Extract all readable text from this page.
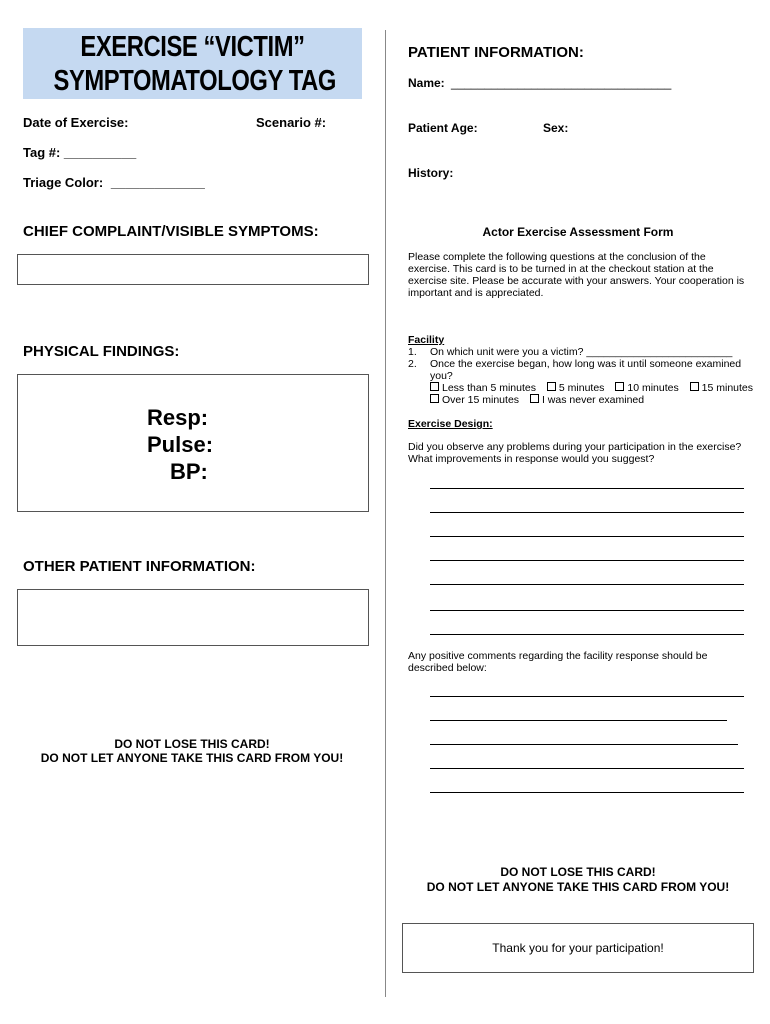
EXERCISE “VICTIM”
SYMPTOMATOLOGY TAG
Date of Exercise:	Scenario #:
Tag #: __________
Triage Color: _____________
CHIEF COMPLAINT/VISIBLE SYMPTOMS:
PHYSICAL FINDINGS:
Resp:
Pulse:
BP:
OTHER PATIENT INFORMATION:
DO NOT LOSE THIS CARD!
DO NOT LET ANYONE TAKE THIS CARD FROM YOU!
PATIENT INFORMATION:
Name: _________________________________
Patient Age:	Sex:
History:
Actor Exercise Assessment Form
Please complete the following questions at the conclusion of the exercise. This card is to be turned in at the checkout station at the exercise site. Please be accurate with your answers. Your cooperation is important and is appreciated.
Facility
1. On which unit were you a victim? _________________________
2. Once the exercise began, how long was it until someone examined you?
Less than 5 minutes 5 minutes 10 minutes 15 minutes
Over 15 minutes I was never examined
Exercise Design:
Did you observe any problems during your participation in the exercise? What improvements in response would you suggest?
Any positive comments regarding the facility response should be described below:
DO NOT LOSE THIS CARD!
DO NOT LET ANYONE TAKE THIS CARD FROM YOU!
Thank you for your participation!
